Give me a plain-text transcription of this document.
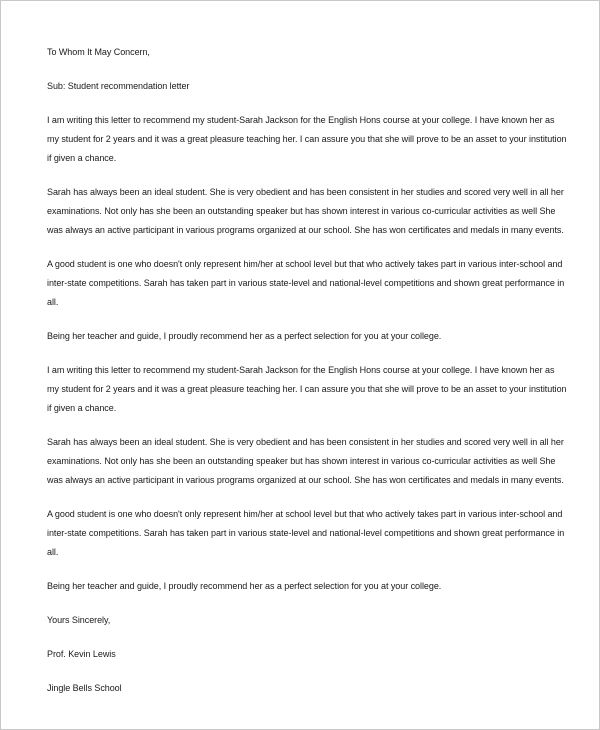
To Whom It May Concern,

Sub: Student recommendation letter

I am writing this letter to recommend my student-Sarah Jackson for the English Hons course at your college. I have known her as my student for 2 years and it was a great pleasure teaching her. I can assure you that she will prove to be an asset to your institution if given a chance.

Sarah has always been an ideal student. She is very obedient and has been consistent in her studies and scored very well in all her examinations. Not only has she been an outstanding speaker but has shown interest in various co-curricular activities as well She was always an active participant in various programs organized at our school. She has won certificates and medals in many events.

A good student is one who doesn't only represent him/her at school level but that who actively takes part in various inter-school and inter-state competitions. Sarah has taken part in various state-level and national-level competitions and shown great performance in all.

Being her teacher and guide, I proudly recommend her as a perfect selection for you at your college.

I am writing this letter to recommend my student-Sarah Jackson for the English Hons course at your college. I have known her as my student for 2 years and it was a great pleasure teaching her. I can assure you that she will prove to be an asset to your institution if given a chance.

Sarah has always been an ideal student. She is very obedient and has been consistent in her studies and scored very well in all her examinations. Not only has she been an outstanding speaker but has shown interest in various co-curricular activities as well She was always an active participant in various programs organized at our school. She has won certificates and medals in many events.

A good student is one who doesn't only represent him/her at school level but that who actively takes part in various inter-school and inter-state competitions. Sarah has taken part in various state-level and national-level competitions and shown great performance in all.

Being her teacher and guide, I proudly recommend her as a perfect selection for you at your college.

Yours Sincerely,

Prof. Kevin Lewis

Jingle Bells School
